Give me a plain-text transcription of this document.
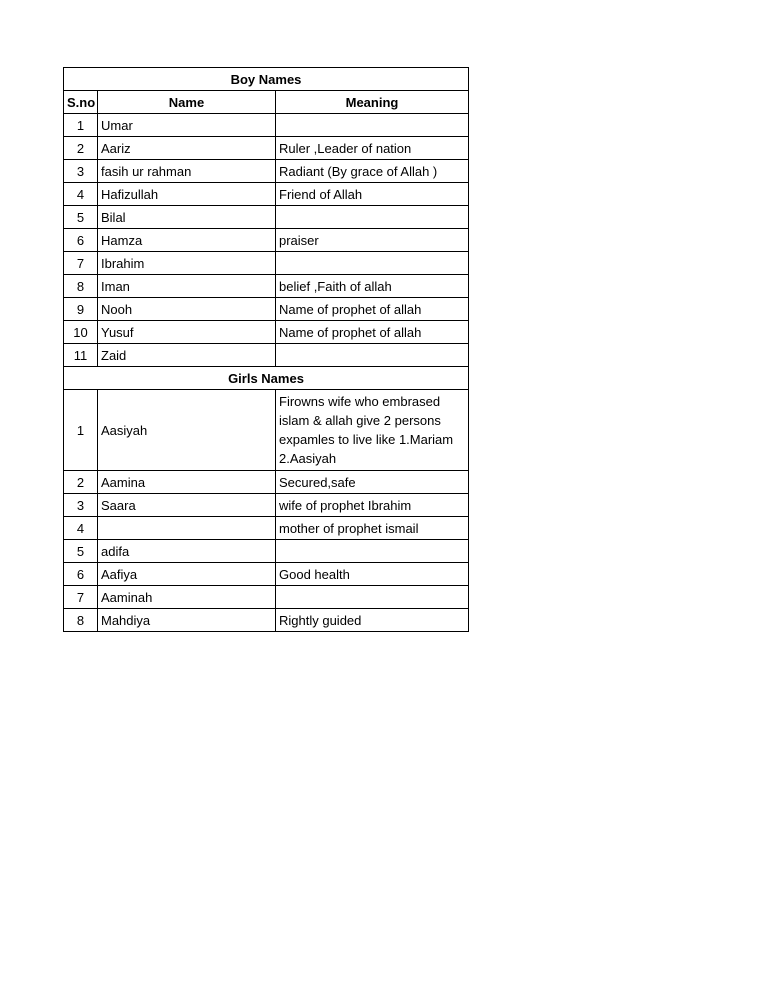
Boy Names		
S.no	Name	Meaning
1	Umar	
2	Aariz	Ruler ,Leader of nation
3	fasih ur rahman	Radiant (By grace of Allah )
4	Hafizullah	Friend of Allah
5	Bilal	
6	Hamza	praiser
7	Ibrahim	
8	Iman	belief ,Faith of allah
9	Nooh	Name of prophet of allah
10	Yusuf	Name of prophet of allah
11	Zaid	
Girls Names		
1	Aasiyah	Firowns wife who embrased islam & allah give 2 persons expamles to live like 1.Mariam 2.Aasiyah
2	Aamina	Secured,safe
3	Saara	wife of prophet Ibrahim
4		mother of prophet ismail
5	adifa	
6	Aafiya	Good health
7	Aaminah	
8	Mahdiya	Rightly guided
